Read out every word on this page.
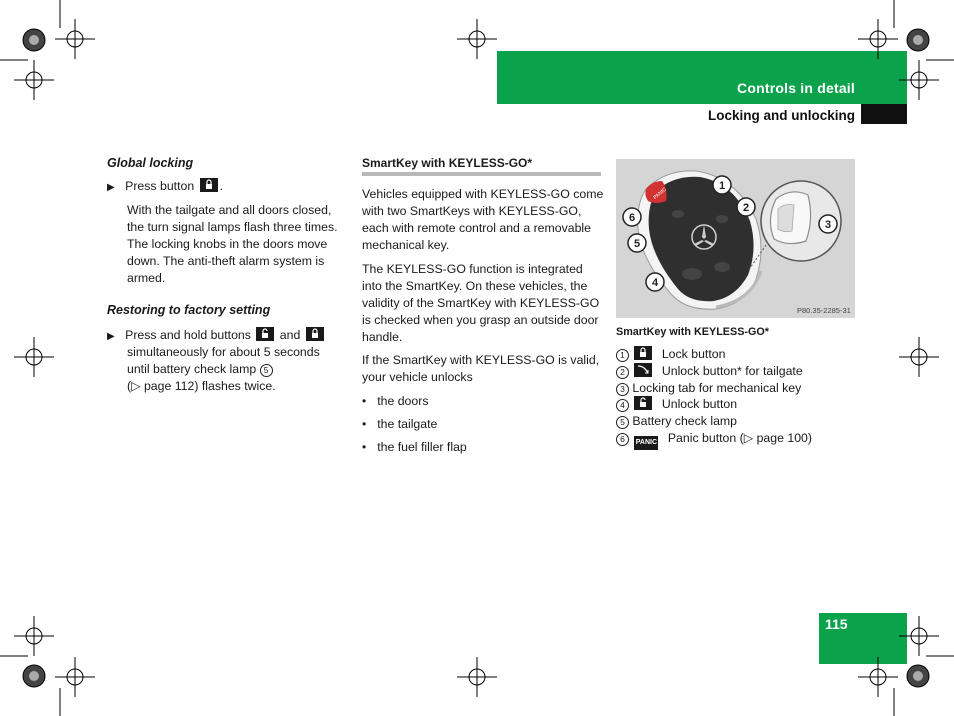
Controls in detail
Locking and unlocking
Global locking
▶ Press button .
With the tailgate and all doors closed,
the turn signal lamps flash three times.
The locking knobs in the doors move
down. The anti-theft alarm system is
armed.
Restoring to factory setting
▶ Press and hold buttons and
simultaneously for about 5 seconds
until battery check lamp 5
(▷ page 112) flashes twice.
SmartKey with KEYLESS-GO*
Vehicles equipped with KEYLESS-GO come
with two SmartKeys with KEYLESS-GO,
each with remote control and a removable
mechanical key.
The KEYLESS-GO function is integrated
into the SmartKey. On these vehicles, the
validity of the SmartKey with KEYLESS-GO
is checked when you grasp an outside door
handle.
If the SmartKey with KEYLESS-GO is valid,
your vehicle unlocks
• the doors
• the tailgate
• the fuel filler flap
PANIC
1
2
3
4
5
6
P80.35-2285-31
SmartKey with KEYLESS-GO*
1	Lock button
2	Unlock button* for tailgate
3 Locking tab for mechanical key
4	Unlock button
5 Battery check lamp
6 PANIC Panic button (▷ page 100)
115
